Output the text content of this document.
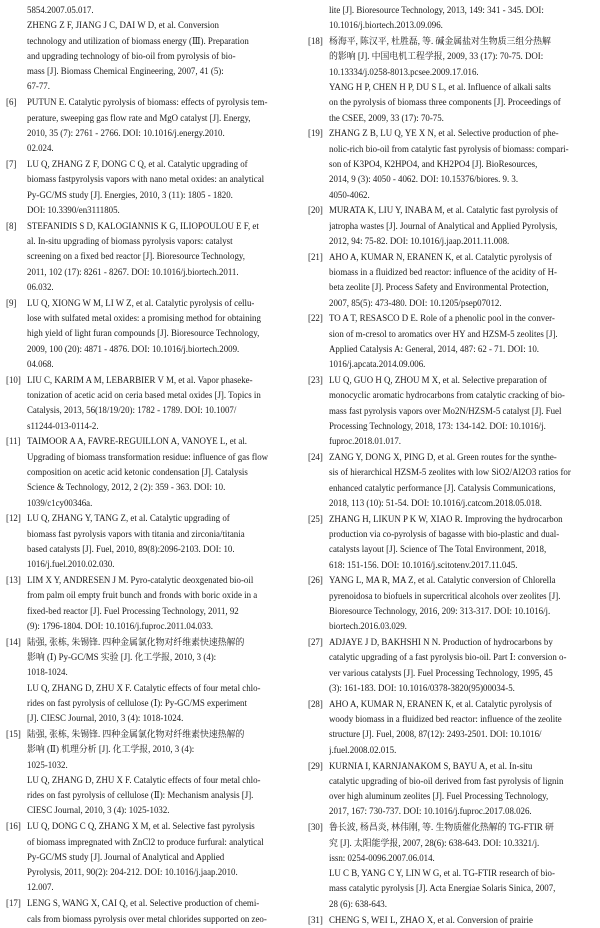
5854.2007.05.017.
ZHENG Z F, JIANG J C, DAI W D, et al. Conversion
technology and utilization of biomass energy (Ⅲ). Preparation
and upgrading technology of bio-oil from pyrolysis of bio-
mass [J]. Biomass Chemical Engineering, 2007, 41 (5):
67-77.
[6]	PUTUN E. Catalytic pyrolysis of biomass: effects of pyrolysis tem-
perature, sweeping gas flow rate and MgO catalyst [J]. Energy,
2010, 35 (7): 2761 - 2766. DOI: 10.1016/j.energy.2010.
02.024.
[7]	LU Q, ZHANG Z F, DONG C Q, et al. Catalytic upgrading of
biomass fastpyrolysis vapors with nano metal oxides: an analytical
Py-GC/MS study [J]. Energies, 2010, 3 (11): 1805 - 1820.
DOI: 10.3390/en3111805.
[8]	STEFANIDIS S D, KALOGIANNIS K G, ILIOPOULOU E F, et
al. In-situ upgrading of biomass pyrolysis vapors: catalyst
screening on a fixed bed reactor [J]. Bioresource Technology,
2011, 102 (17): 8261 - 8267. DOI: 10.1016/j.biortech.2011.
06.032.
[9]	LU Q, XIONG W M, LI W Z, et al. Catalytic pyrolysis of cellu-
lose with sulfated metal oxides: a promising method for obtaining
high yield of light furan compounds [J]. Bioresource Technology,
2009, 100 (20): 4871 - 4876. DOI: 10.1016/j.biortech.2009.
04.068.
[10] LIU C, KARIM A M, LEBARBIER V M, et al. Vapor phaseke-
tonization of acetic acid on ceria based metal oxides [J]. Topics in
Catalysis, 2013, 56(18/19/20): 1782 - 1789. DOI: 10.1007/
s11244-013-0114-2.
[11] TAIMOOR A A, FAVRE-REGUILLON A, VANOYE L, et al.
Upgrading of biomass transformation residue: influence of gas flow
composition on acetic acid ketonic condensation [J]. Catalysis
Science & Technology, 2012, 2 (2): 359 - 363. DOI: 10.
1039/c1cy00346a.
[12] LU Q, ZHANG Y, TANG Z, et al. Catalytic upgrading of
biomass fast pyrolysis vapors with titania and zirconia/titania
based catalysts [J]. Fuel, 2010, 89(8):2096-2103. DOI: 10.
1016/j.fuel.2010.02.030.
[13] LIM X Y, ANDRESEN J M. Pyro-catalytic deoxgenated bio-oil
from palm oil empty fruit bunch and fronds with boric oxide in a
fixed-bed reactor [J]. Fuel Processing Technology, 2011, 92
(9): 1796-1804. DOI: 10.1016/j.fuproc.2011.04.033.
[14] 陆强, 张栋, 朱锡锋. 四种金属氯化物对纤维素快速热解的
影响 (Ⅰ) Py-GC/MS 实验 [J]. 化工学报, 2010, 3 (4):
1018-1024.
LU Q, ZHANG D, ZHU X F. Catalytic effects of four metal chlo-
rides on fast pyrolysis of cellulose (Ⅰ): Py-GC/MS experiment
[J]. CIESC Journal, 2010, 3 (4): 1018-1024.
[15] 陆强, 张栋, 朱锡锋. 四种金属氯化物对纤维素快速热解的
影响 (Ⅱ) 机理分析 [J]. 化工学报, 2010, 3 (4):
1025-1032.
LU Q, ZHANG D, ZHU X F. Catalytic effects of four metal chlo-
rides on fast pyrolysis of cellulose (Ⅱ): Mechanism analysis [J].
CIESC Journal, 2010, 3 (4): 1025-1032.
[16] LU Q, DONG C Q, ZHANG X M, et al. Selective fast pyrolysis
of biomass impregnated with ZnCl2 to produce furfural: analytical
Py-GC/MS study [J]. Journal of Analytical and Applied
Pyrolysis, 2011, 90(2): 204-212. DOI: 10.1016/j.jaap.2010.
12.007.
[17] LENG S, WANG X, CAI Q, et al. Selective production of chemi-
cals from biomass pyrolysis over metal chlorides supported on zeo-
lite [J]. Bioresource Technology, 2013, 149: 341 - 345. DOI:
10.1016/j.biortech.2013.09.096.
[18] 杨海平, 陈汉平, 杜胜磊, 等. 碱金属盐对生物质三组分热解
的影响 [J]. 中国电机工程学报, 2009, 33 (17): 70-75. DOI:
10.13334/j.0258-8013.pcsee.2009.17.016.
YANG H P, CHEN H P, DU S L, et al. Influence of alkali salts
on the pyrolysis of biomass three components [J]. Proceedings of
the CSEE, 2009, 33 (17): 70-75.
[19] ZHANG Z B, LU Q, YE X N, et al. Selective production of phe-
nolic-rich bio-oil from catalytic fast pyrolysis of biomass: compari-
son of K3PO4, K2HPO4, and KH2PO4 [J]. BioResources,
2014, 9 (3): 4050 - 4062. DOI: 10.15376/biores. 9. 3.
4050-4062.
[20] MURATA K, LIU Y, INABA M, et al. Catalytic fast pyrolysis of
jatropha wastes [J]. Journal of Analytical and Applied Pyrolysis,
2012, 94: 75-82. DOI: 10.1016/j.jaap.2011.11.008.
[21] AHO A, KUMAR N, ERANEN K, et al. Catalytic pyrolysis of
biomass in a fluidized bed reactor: influence of the acidity of H-
beta zeolite [J]. Process Safety and Environmental Protection,
2007, 85(5): 473-480. DOI: 10.1205/psep07012.
[22] TO A T, RESASCO D E. Role of a phenolic pool in the conver-
sion of m-cresol to aromatics over HY and HZSM-5 zeolites [J].
Applied Catalysis A: General, 2014, 487: 62 - 71. DOI: 10.
1016/j.apcata.2014.09.006.
[23] LU Q, GUO H Q, ZHOU M X, et al. Selective preparation of
monocyclic aromatic hydrocarbons from catalytic cracking of bio-
mass fast pyrolysis vapors over Mo2N/HZSM-5 catalyst [J]. Fuel
Processing Technology, 2018, 173: 134-142. DOI: 10.1016/j.
fuproc.2018.01.017.
[24] ZANG Y, DONG X, PING D, et al. Green routes for the synthe-
sis of hierarchical HZSM-5 zeolites with low SiO2/Al2O3 ratios for
enhanced catalytic performance [J]. Catalysis Communications,
2018, 113 (10): 51-54. DOI: 10.1016/j.catcom.2018.05.018.
[25] ZHANG H, LIKUN P K W, XIAO R. Improving the hydrocarbon
production via co-pyrolysis of bagasse with bio-plastic and dual-
catalysts layout [J]. Science of The Total Environment, 2018,
618: 151-156. DOI: 10.1016/j.scitotenv.2017.11.045.
[26] YANG L, MA R, MA Z, et al. Catalytic conversion of Chlorella
pyrenoidosa to biofuels in supercritical alcohols over zeolites [J].
Bioresource Technology, 2016, 209: 313-317. DOI: 10.1016/j.
biortech.2016.03.029.
[27] ADJAYE J D, BAKHSHI N N. Production of hydrocarbons by
catalytic upgrading of a fast pyrolysis bio-oil. Part Ⅰ: conversion o-
ver various catalysts [J]. Fuel Processing Technology, 1995, 45
(3): 161-183. DOI: 10.1016/0378-3820(95)00034-5.
[28] AHO A, KUMAR N, ERANEN K, et al. Catalytic pyrolysis of
woody biomass in a fluidized bed reactor: influence of the zeolite
structure [J]. Fuel, 2008, 87(12): 2493-2501. DOI: 10.1016/
j.fuel.2008.02.015.
[29] KURNIA I, KARNJANAKOM S, BAYU A, et al. In-situ
catalytic upgrading of bio-oil derived from fast pyrolysis of lignin
over high aluminum zeolites [J]. Fuel Processing Technology,
2017, 167: 730-737. DOI: 10.1016/j.fuproc.2017.08.026.
[30] 鲁长波, 杨昌炎, 林伟刚, 等. 生物质催化热解的 TG-FTIR 研
究 [J]. 太阳能学报, 2007, 28(6): 638-643. DOI: 10.3321/j.
issn: 0254-0096.2007.06.014.
LU C B, YANG C Y, LIN W G, et al. TG-FTIR research of bio-
mass catalytic pyrolysis [J]. Acta Energiae Solaris Sinica, 2007,
28 (6): 638-643.
[31] CHENG S, WEI L, ZHAO X, et al. Conversion of prairie
